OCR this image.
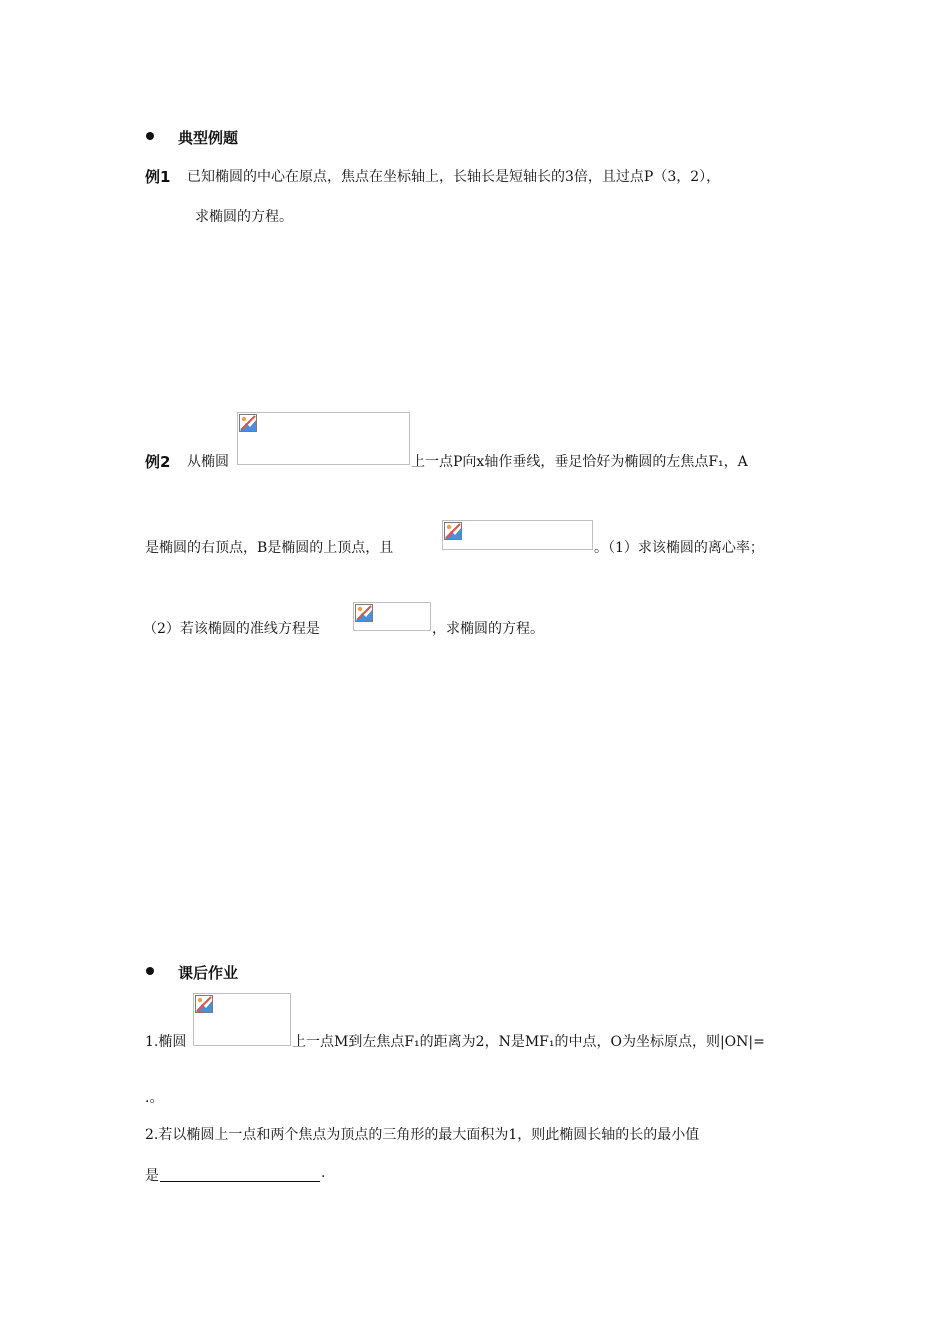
典型例题
例1 已知椭圆的中心在原点，焦点在坐标轴上，长轴长是短轴长的3倍，且过点P（3，2），
求椭圆的方程。
例2 从椭圆	上一点P向x轴作垂线，垂足恰好为椭圆的左焦点F₁，A
是椭圆的右顶点，B是椭圆的上顶点，且	。（1）求该椭圆的离心率；
（2）若该椭圆的准线方程是	，求椭圆的方程。
课后作业
1.椭圆	上一点M到左焦点F₁的距离为2，N是MF₁的中点，O为坐标原点，则|ON|=
.。
2.若以椭圆上一点和两个焦点为顶点的三角形的最大面积为1，则此椭圆长轴的长的最小值
是	.
